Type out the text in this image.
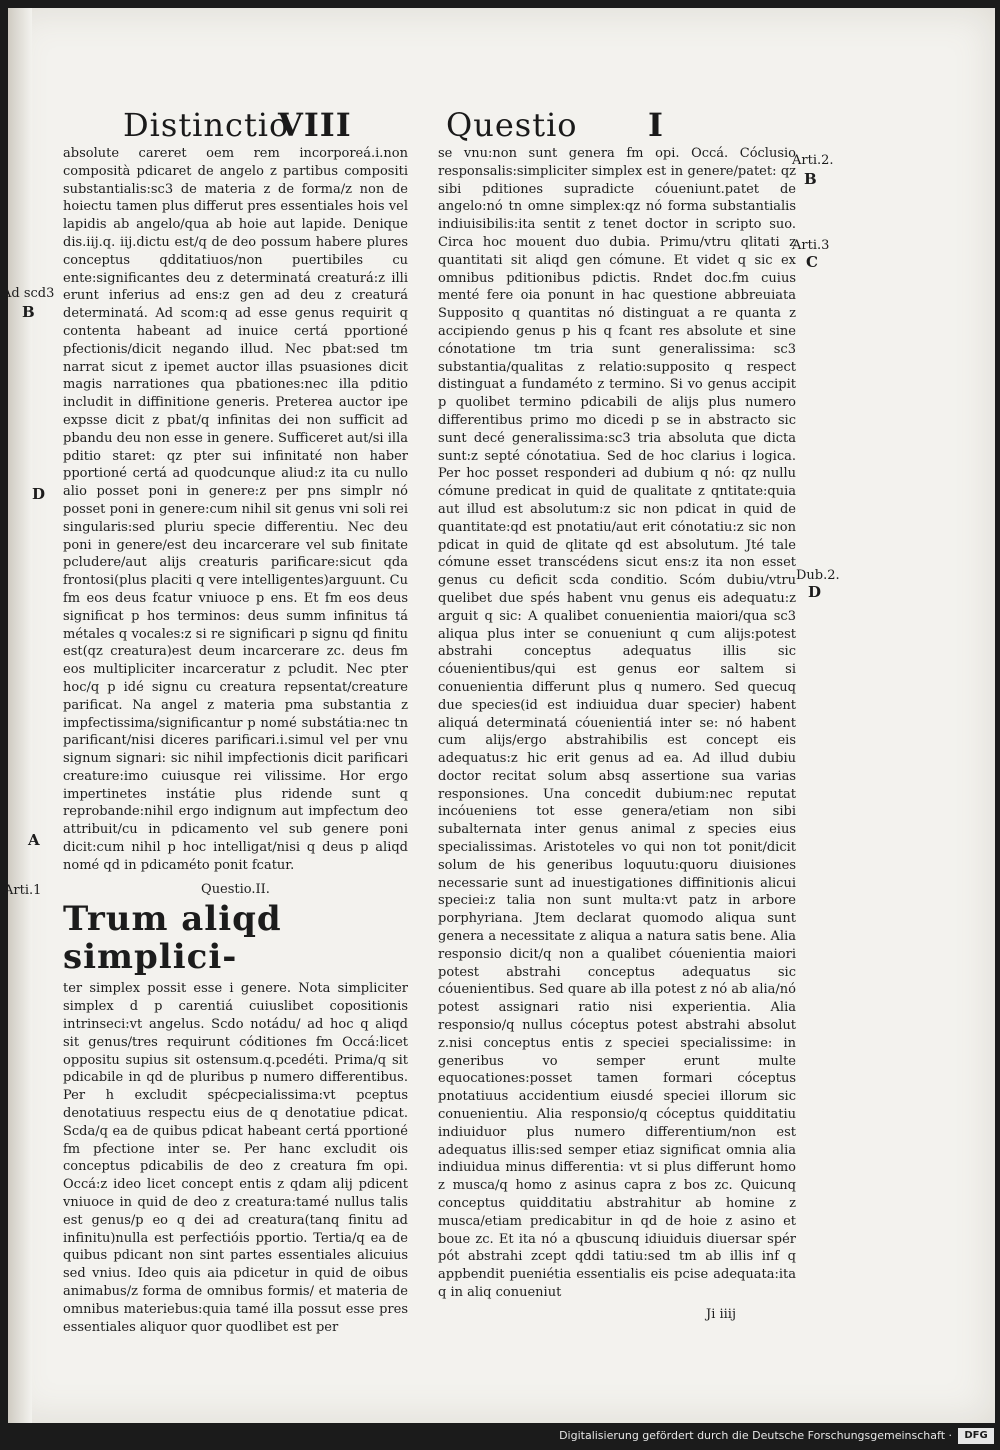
Distinctio
VIII	Questio I

absolute careret oem rem incorporeá.i.non composità pdicaret de angelo z partibus compositi substantialis:sc3 de materia z de forma/z non de hoiectu tamen plus differut pres essentiales hois vel lapidis ab angelo/qua ab hoie aut lapide. Denique dis.iij.q. iij.dictu est/q de deo possum habere plures conceptus qdditatiuos/non puertibiles cu ente:significantes deu z determinatá creaturá:z illi erunt inferius ad ens:z gen ad deu z creaturá determinatá. Ad scom:q ad esse genus requirit q contenta habeant ad inuice certá pportioné pfectionis/dicit negando illud. Nec pbat:sed tm narrat sicut z ipemet auctor illas psuasiones dicit magis narrationes qua pbationes:nec illa pditio includit in diffinitione generis. Preterea auctor ipe expsse dicit z pbat/q infinitas dei non sufficit ad pbandu deu non esse in genere. Sufficeret aut/si illa pditio staret: qz pter sui infinitaté non haber pportioné certá ad quodcunque aliud:z ita cu nullo alio posset poni in genere:z per pns simplr nó posset poni in genere:cum nihil sit genus vni soli rei singularis:sed pluriu specie differentiu. Nec deu poni in genere/est deu incarcerare vel sub finitate pcludere/aut alijs creaturis parificare:sicut qda frontosi(plus placiti q vere intelligentes)arguunt. Cu fm eos deus fcatur vniuoce p ens. Et fm eos deus significat p hos terminos: deus summ infinitus tá métales q vocales:z si re significari p signu qd finitu est(qz creatura)est deum incarcerare zc. deus fm eos multipliciter incarceratur z pcludit. Nec pter hoc/q p idé signu cu creatura repsentat/creature parificat. Na angel z materia pma substantia z impfectissima/significantur p nomé substátia:nec tn parificant/nisi diceres parificari.i.simul vel per vnu signum signari: sic nihil impfectionis dicit parificari creature:imo cuiusque rei vilissime. Hor ergo impertinetes instátie plus ridende sunt q reprobande:nihil ergo indignum aut impfectum deo attribuit/cu in pdicamento vel sub genere poni dicit:cum nihil p hoc intelligat/nisi q deus p aliqd nomé qd in pdicaméto ponit fcatur.

Questio.II.

Trum aliqd simplici-

ter simplex possit esse i genere. Nota simpliciter simplex d p carentiá cuiuslibet copositionis intrinseci:vt angelus. Scdo notádu/ ad hoc q aliqd sit genus/tres requirunt códitiones fm Occá:licet oppositu supius sit ostensum.q.pcedéti. Prima/q sit pdicabile in qd de pluribus p numero differentibus. Per h excludit spécpecialissima:vt pceptus denotatiuus respectu eius de q denotatiue pdicat. Scda/q ea de quibus pdicat habeant certá pportioné fm pfectione inter se. Per hanc excludit ois conceptus pdicabilis de deo z creatura fm opi. Occá:z ideo licet concept entis z qdam alij pdicent vniuoce in quid de deo z creatura:tamé nullus talis est genus/p eo q dei ad creatura(tanq finitu ad infinitu)nulla est perfectióis pportio. Tertia/q ea de quibus pdicant non sint partes essentiales alicuius sed vnius. Ideo quis aia pdicetur in quid de oibus animabus/z forma de omnibus formis/ et materia de omnibus materiebus:quia tamé illa possut esse pres essentiales aliquor quor quodlibet est per

se vnu:non sunt genera fm opi. Occá. Cóclusio responsalis:simpliciter simplex est in genere/patet: qz sibi pditiones supradicte cóueniunt.patet de angelo:nó tn omne simplex:qz nó forma substantialis indiuisibilis:ita sentit z tenet doctor in scripto suo. Circa hoc mouent duo dubia. Primu/vtru qlitati z quantitati sit aliqd gen cómune. Et videt q sic ex omnibus pditionibus pdictis. Rndet doc.fm cuius menté fere oia ponunt in hac questione abbreuiata Supposito q quantitas nó distinguat a re quanta z accipiendo genus p his q fcant res absolute et sine cónotatione tm tria sunt generalissima: sc3 substantia/qualitas z relatio:supposito q respect distinguat a fundaméto z termino. Si vo genus accipit p quolibet termino pdicabili de alijs plus numero differentibus primo mo dicedi p se in abstracto sic sunt decé generalissima:sc3 tria absoluta que dicta sunt:z septé cónotatiua. Sed de hoc clarius i logica. Per hoc posset responderi ad dubium q nó: qz nullu cómune predicat in quid de qualitate z qntitate:quia aut illud est absolutum:z sic non pdicat in quid de quantitate:qd est pnotatiu/aut erit cónotatiu:z sic non pdicat in quid de qlitate qd est absolutum. Jté tale cómune esset transcédens sicut ens:z ita non esset genus cu deficit scda conditio. Scóm dubiu/vtru quelibet due spés habent vnu genus eis adequatu:z arguit q sic: A qualibet conuenientia maiori/qua sc3 aliqua plus inter se conueniunt q cum alijs:potest abstrahi conceptus adequatus illis sic cóuenientibus/qui est genus eor saltem si conuenientia differunt plus q numero. Sed quecuq due species(id est indiuidua duar specier) habent aliquá determinatá cóuenientiá inter se: nó habent cum alijs/ergo abstrahibilis est concept eis adequatus:z hic erit genus ad ea. Ad illud dubiu doctor recitat solum absq assertione sua varias responsiones. Una concedit dubium:nec reputat incóueniens tot esse genera/etiam non sibi subalternata inter genus animal z species eius specialissimas. Aristoteles vo qui non tot ponit/dicit solum de his generibus loquutu:quoru diuisiones necessarie sunt ad inuestigationes diffinitionis alicui speciei:z talia non sunt multa:vt patz in arbore porphyriana. Jtem declarat quomodo aliqua sunt genera a necessitate z aliqua a natura satis bene. Alia responsio dicit/q non a qualibet cóuenientia maiori potest abstrahi conceptus adequatus sic cóuenientibus. Sed quare ab illa potest z nó ab alia/nó potest assignari ratio nisi experientia. Alia responsio/q nullus cóceptus potest abstrahi absolut z.nisi conceptus entis z speciei specialissime: in generibus vo semper erunt multe equocationes:posset tamen formari cóceptus pnotatiuus accidentium eiusdé speciei illorum sic conuenientiu. Alia responsio/q cóceptus quidditatiu indiuiduor plus numero differentium/non est adequatus illis:sed semper etiaz significat omnia alia indiuidua minus differentia: vt si plus differunt homo z musca/q homo z asinus capra z bos zc. Quicunq conceptus quidditatiu abstrahitur ab homine z musca/etiam predicabitur in qd de hoie z asino et boue zc. Et ita nó a qbuscunq idiuiduis diuersar spér pót abstrahi zcept qddi tatiu:sed tm ab illis inf q appbendit pueniétia essentialis eis pcise adequata:ita q in aliq conueniut

Ji iiij

Ad scd3
B
D
A
Arti.1
Arti.2.
B
Arti.3
C
Dub.2.
D
Digitalisierung gefördert durch die Deutsche Forschungsgemeinschaft ·	DFG
